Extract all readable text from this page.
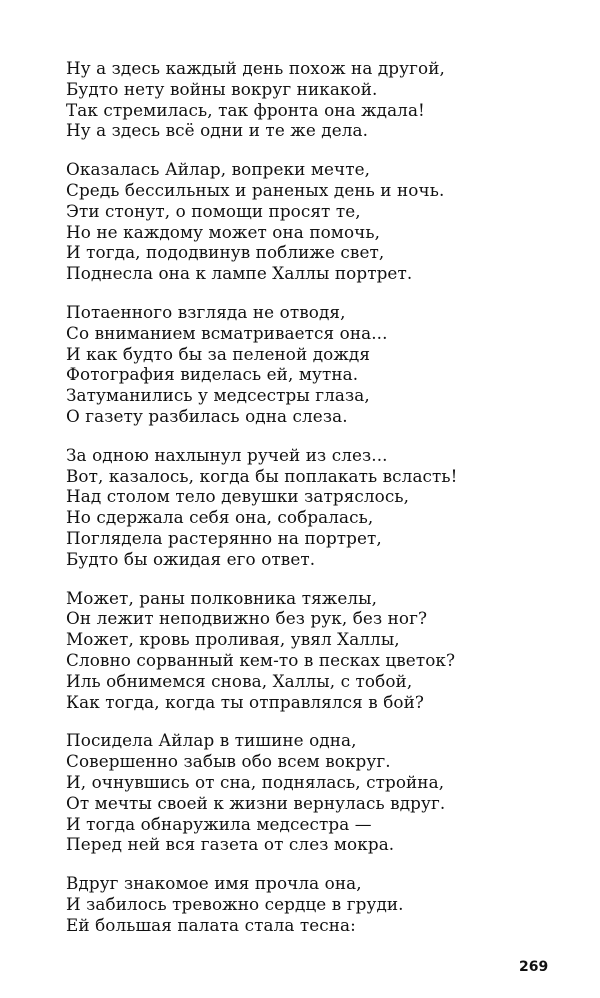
Ну а здесь каждый день похож на другой,
Будто нету войны вокруг никакой.
Так стремилась, так фронта она ждала!
Ну а здесь всё одни и те же дела.
Оказалась Айлар, вопреки мечте,
Средь бессильных и раненых день и ночь.
Эти стонут, о помощи просят те,
Но не каждому может она помочь,
И тогда, пододвинув поближе свет,
Поднесла она к лампе Халлы портрет.
Потаенного взгляда не отводя,
Со вниманием всматривается она...
И как будто бы за пеленой дождя
Фотография виделась ей, мутна.
Затуманились у медсестры глаза,
О газету разбилась одна слеза.
За одною нахлынул ручей из слез...
Вот, казалось, когда бы поплакать всласть!
Над столом тело девушки затряслось,
Но сдержала себя она, собралась,
Поглядела растерянно на портрет,
Будто бы ожидая его ответ.
Может, раны полковника тяжелы,
Он лежит неподвижно без рук, без ног?
Может, кровь проливая, увял Халлы,
Словно сорванный кем-то в песках цветок?
Иль обнимемся снова, Халлы, с тобой,
Как тогда, когда ты отправлялся в бой?
Посидела Айлар в тишине одна,
Совершенно забыв обо всем вокруг.
И, очнувшись от сна, поднялась, стройна,
От мечты своей к жизни вернулась вдруг.
И тогда обнаружила медсестра —
Перед ней вся газета от слез мокра.
Вдруг знакомое имя прочла она,
И забилось тревожно сердце в груди.
Ей большая палата стала тесна:
269
